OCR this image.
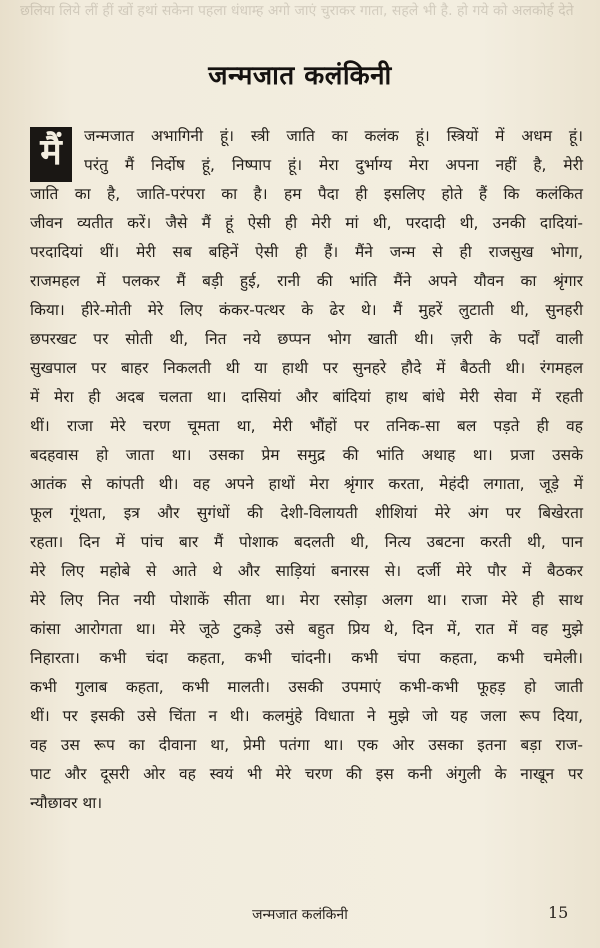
छलिया लिये लीं हीं खों हथां सकेना पहला धंधाम्ह अगो जाएं चुराकर गाता, सहले भी है. हो गये को अलकोर्ह देते
जन्मजात कलंकिनी
मैं	जन्मजात अभागिनी हूं। स्त्री जाति का कलंक हूं। स्त्रियों में अधम हूं।
परंतु मैं निर्दोष हूं, निष्पाप हूं। मेरा दुर्भाग्य मेरा अपना नहीं है, मेरी
जाति का है, जाति-परंपरा का है। हम पैदा ही इसलिए होते हैं कि कलंकित
जीवन व्यतीत करें। जैसे मैं हूं ऐसी ही मेरी मां थी, परदादी थी, उनकी दादियां-
परदादियां थीं। मेरी सब बहिनें ऐसी ही हैं। मैंने जन्म से ही राजसुख भोगा,
राजमहल में पलकर मैं बड़ी हुई, रानी की भांति मैंने अपने यौवन का श्रृंगार
किया। हीरे-मोती मेरे लिए कंकर-पत्थर के ढेर थे। मैं मुहरें लुटाती थी, सुनहरी
छपरखट पर सोती थी, नित नये छप्पन भोग खाती थी। ज़री के पर्दों वाली
सुखपाल पर बाहर निकलती थी या हाथी पर सुनहरे हौदे में बैठती थी। रंगमहल
में मेरा ही अदब चलता था। दासियां और बांदियां हाथ बांधे मेरी सेवा में रहती
थीं। राजा मेरे चरण चूमता था, मेरी भौंहों पर तनिक-सा बल पड़ते ही वह
बदहवास हो जाता था। उसका प्रेम समुद्र की भांति अथाह था। प्रजा उसके
आतंक से कांपती थी। वह अपने हाथों मेरा श्रृंगार करता, मेहंदी लगाता, जूड़े में
फूल गूंथता, इत्र और सुगंधों की देशी-विलायती शीशियां मेरे अंग पर बिखेरता
रहता। दिन में पांच बार मैं पोशाक बदलती थी, नित्य उबटना करती थी, पान
मेरे लिए महोबे से आते थे और साड़ियां बनारस से। दर्जी मेरे पौर में बैठकर
मेरे लिए नित नयी पोशाकें सीता था। मेरा रसोड़ा अलग था। राजा मेरे ही साथ
कांसा आरोगता था। मेरे जूठे टुकड़े उसे बहुत प्रिय थे, दिन में, रात में वह मुझे
निहारता। कभी चंदा कहता, कभी चांदनी। कभी चंपा कहता, कभी चमेली।
कभी गुलाब कहता, कभी मालती। उसकी उपमाएं कभी-कभी फूहड़ हो जाती
थीं। पर इसकी उसे चिंता न थी। कलमुंहे विधाता ने मुझे जो यह जला रूप दिया,
वह उस रूप का दीवाना था, प्रेमी पतंगा था। एक ओर उसका इतना बड़ा राज-
पाट और दूसरी ओर वह स्वयं भी मेरे चरण की इस कनी अंगुली के नाखून पर
न्यौछावर था।
जन्मजात कलंकिनी	15
